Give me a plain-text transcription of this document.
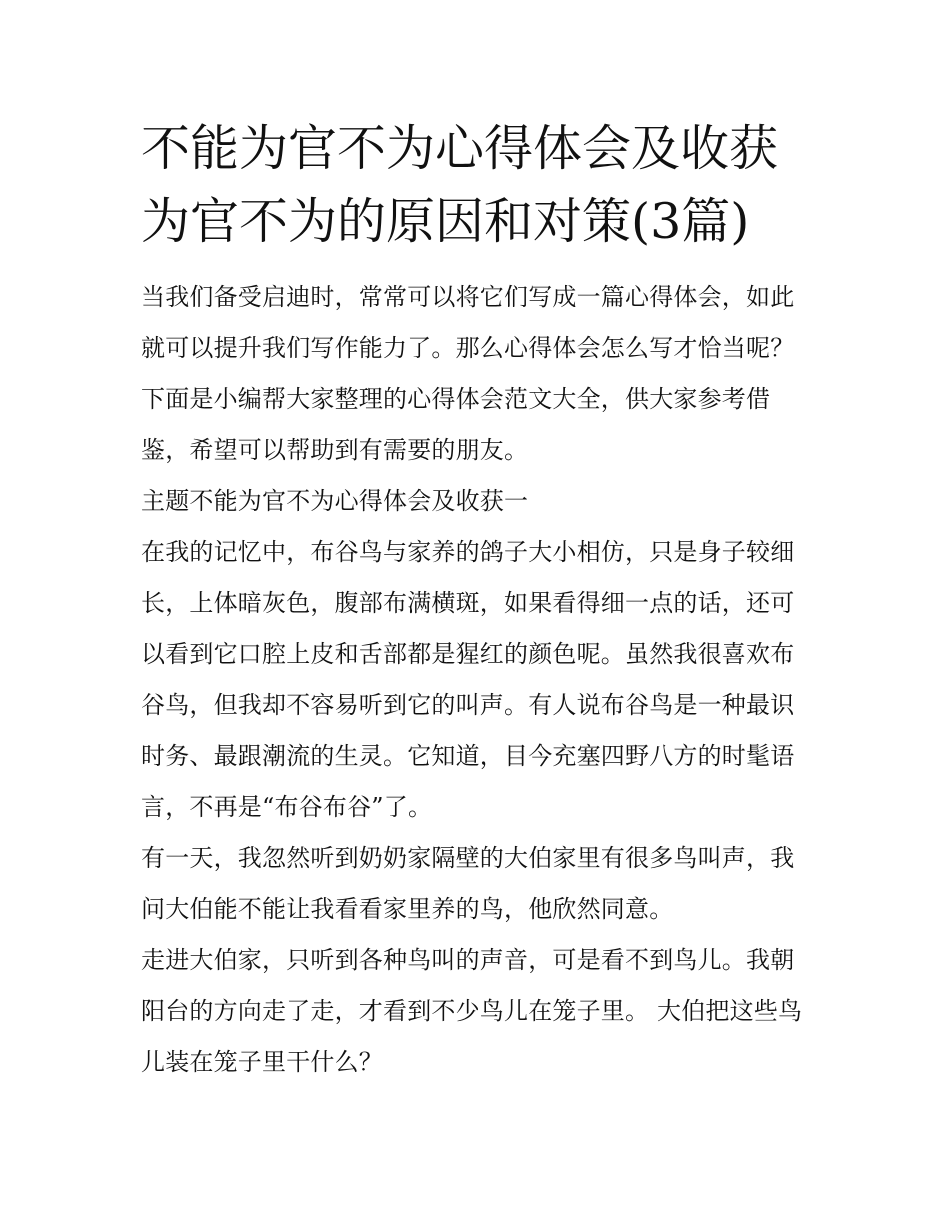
不能为官不为心得体会及收获为官不为的原因和对策(3篇)

当我们备受启迪时，常常可以将它们写成一篇心得体会，如此就可以提升我们写作能力了。那么心得体会怎么写才恰当呢？下面是小编帮大家整理的心得体会范文大全，供大家参考借鉴，希望可以帮助到有需要的朋友。

主题不能为官不为心得体会及收获一

在我的记忆中，布谷鸟与家养的鸽子大小相仿，只是身子较细长，上体暗灰色，腹部布满横斑，如果看得细一点的话，还可以看到它口腔上皮和舌部都是猩红的颜色呢。虽然我很喜欢布谷鸟，但我却不容易听到它的叫声。有人说布谷鸟是一种最识时务、最跟潮流的生灵。它知道，目今充塞四野八方的时髦语言，不再是“布谷布谷”了。

有一天，我忽然听到奶奶家隔壁的大伯家里有很多鸟叫声，我问大伯能不能让我看看家里养的鸟，他欣然同意。

走进大伯家，只听到各种鸟叫的声音，可是看不到鸟儿。我朝阳台的方向走了走，才看到不少鸟儿在笼子里。 大伯把这些鸟儿装在笼子里干什么？
